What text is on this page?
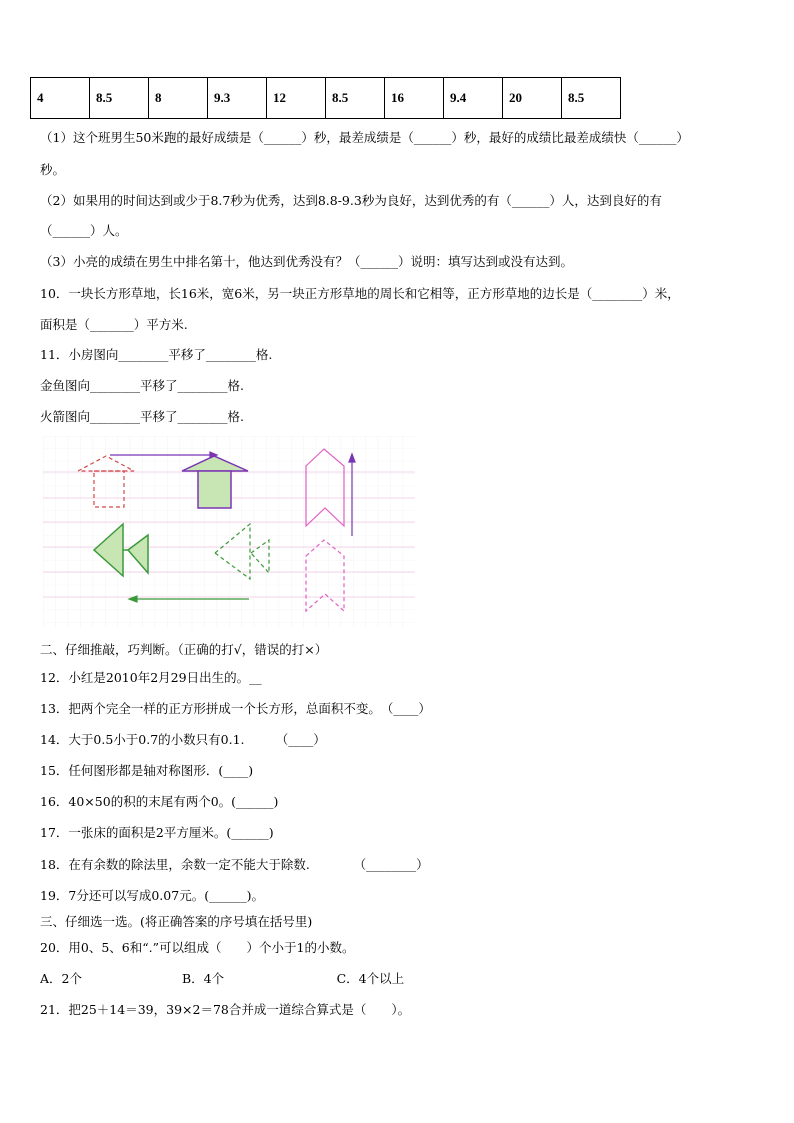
4	8.5	8	9.3	12	8.5	16	9.4	20	8.5
（1）这个班男生50米跑的最好成绩是（______）秒，最差成绩是（______）秒，最好的成绩比最差成绩快（______）
秒。
（2）如果用的时间达到或少于8.7秒为优秀，达到8.8-9.3秒为良好，达到优秀的有（______）人，达到良好的有
（______）人。
（3）小亮的成绩在男生中排名第十，他达到优秀没有？（______）说明：填写达到或没有达到。
10．一块长方形草地，长16米，宽6米，另一块正方形草地的周长和它相等，正方形草地的边长是（________）米，
面积是（_______）平方米.
11．小房图向________平移了________格.
金鱼图向________平移了________格.
火箭图向________平移了________格.
二、仔细推敲，巧判断。（正确的打√，错误的打×）
12．小红是2010年2月29日出生的。__
13．把两个完全一样的正方形拼成一个长方形，总面积不变。　（____）
14．大于0.5小于0.7的小数只有0.1.　　　（____）
15．任何图形都是轴对称图形．(____)
16．40×50的积的末尾有两个0。(______)
17．一张床的面积是2平方厘米。(______)
18．在有余数的除法里，余数一定不能大于除数.　　　　（________）
19．7分还可以写成0.07元。(______)。
三、仔细选一选。(将正确答案的序号填在括号里)
20．用0、5、6和“.”可以组成（　　）个小于1的小数。
A．2个　　　　　　　　B．4个　　　　　　　　　C．4个以上
21．把25＋14＝39，39×2＝78合并成一道综合算式是（　　）。
